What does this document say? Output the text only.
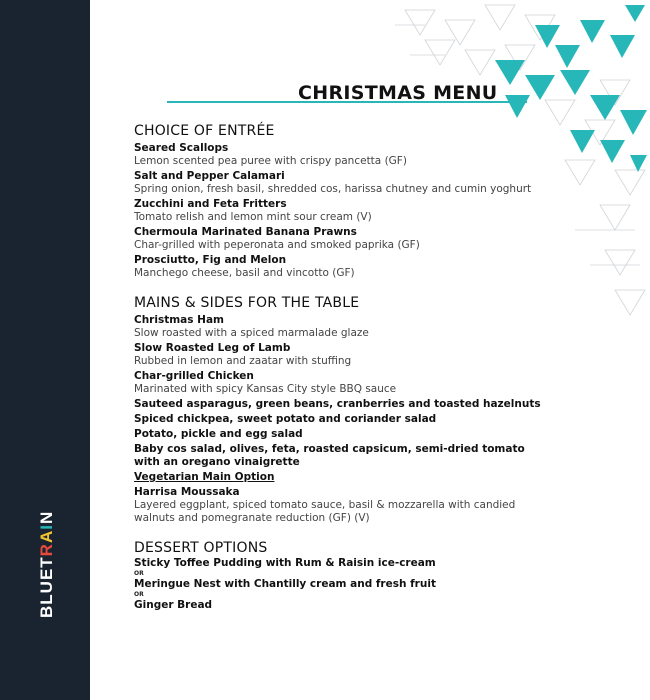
BLUETRAIN
CHRISTMAS MENU
CHOICE OF ENTRÉE
Seared Scallops
Lemon scented pea puree with crispy pancetta (GF)
Salt and Pepper Calamari
Spring onion, fresh basil, shredded cos, harissa chutney and cumin yoghurt
Zucchini and Feta Fritters
Tomato relish and lemon mint sour cream (V)
Chermoula Marinated Banana Prawns
Char-grilled with peperonata and smoked paprika (GF)
Prosciutto, Fig and Melon
Manchego cheese, basil and vincotto (GF)
MAINS & SIDES FOR THE TABLE
Christmas Ham
Slow roasted with a spiced marmalade glaze
Slow Roasted Leg of Lamb
Rubbed in lemon and zaatar with stuffing
Char-grilled Chicken
Marinated with spicy Kansas City style BBQ sauce
Sauteed asparagus, green beans, cranberries and toasted hazelnuts
Spiced chickpea, sweet potato and coriander salad
Potato, pickle and egg salad
Baby cos salad, olives, feta, roasted capsicum, semi-dried tomato with an oregano vinaigrette
Vegetarian Main Option
Harrisa Moussaka
Layered eggplant, spiced tomato sauce, basil & mozzarella with candied walnuts and pomegranate reduction (GF) (V)
DESSERT OPTIONS
Sticky Toffee Pudding with Rum & Raisin ice-cream
OR
Meringue Nest with Chantilly cream and fresh fruit
OR
Ginger Bread
